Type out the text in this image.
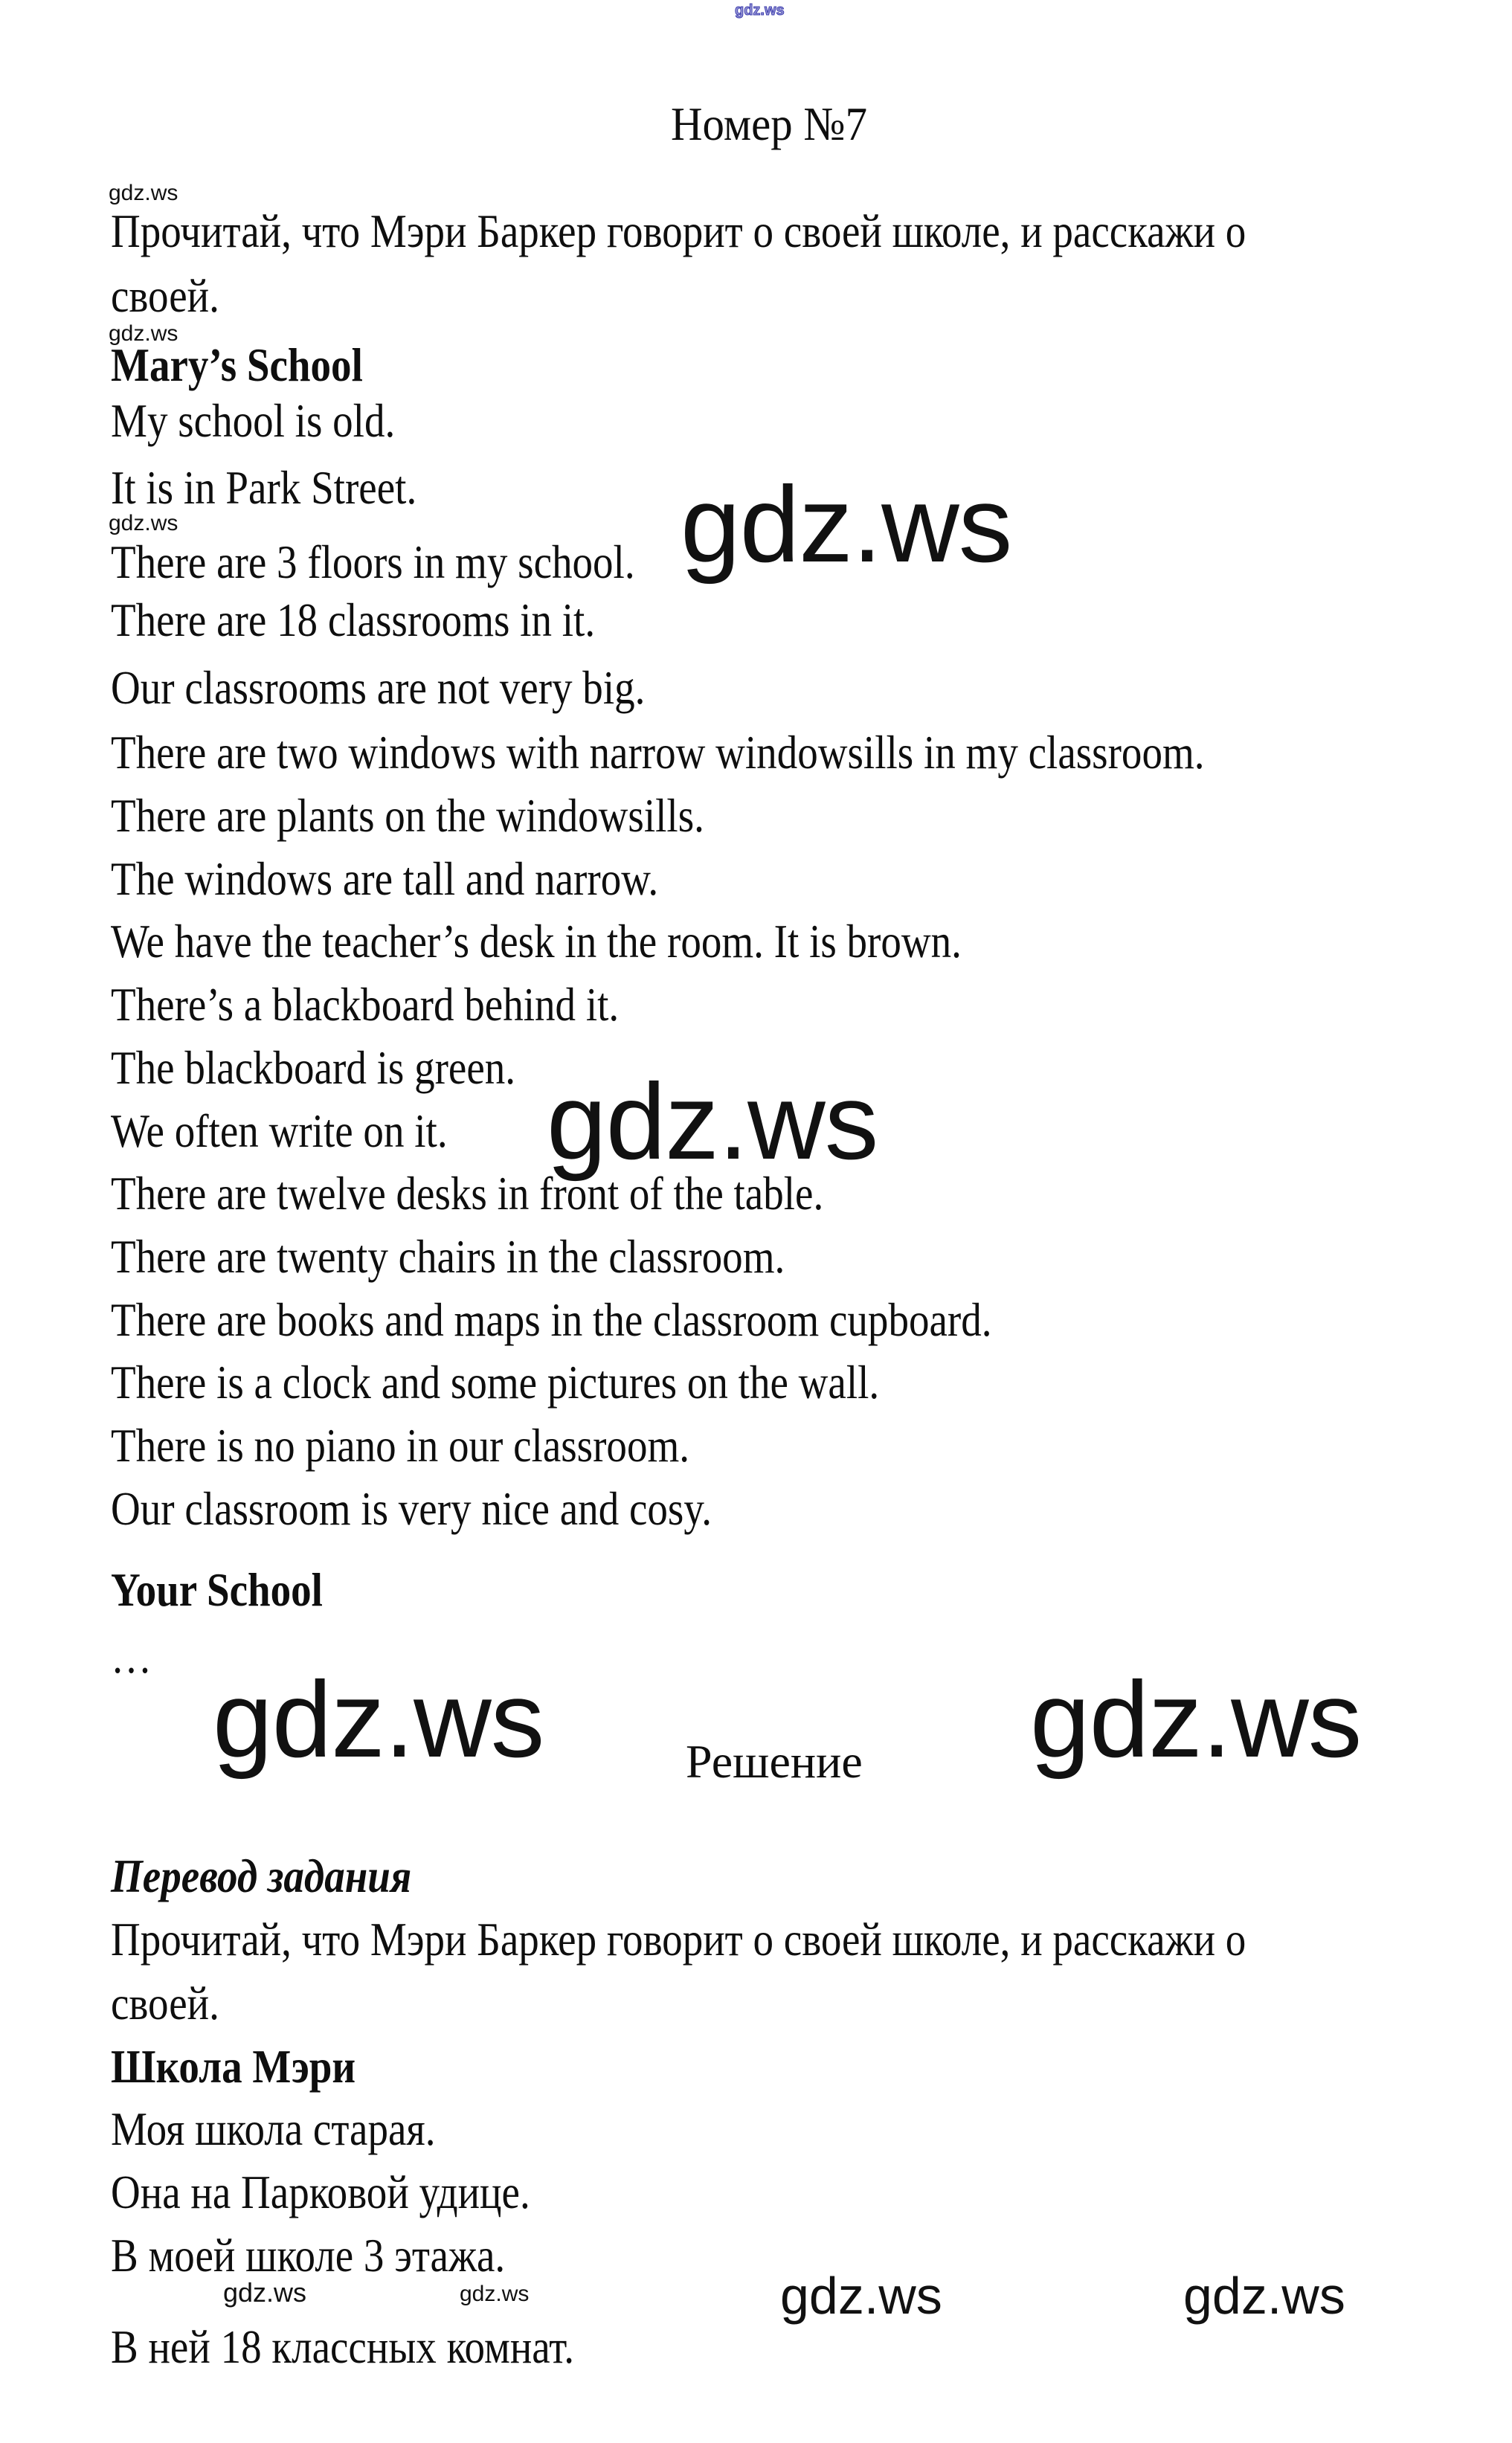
gdz.ws
Номер №7
gdz.ws
Прочитай, что Мэри Баркер говорит о своей школе, и расскажи о
своей.
gdz.ws
Mary’s School
My school is old.
It is in Park Street.
gdz.ws	gdz.ws
There are 3 floors in my school.
There are 18 classrooms in it.
Our classrooms are not very big.
There are two windows with narrow windowsills in my classroom.
There are plants on the windowsills.
The windows are tall and narrow.
We have the teacher’s desk in the room. It is brown.
There’s a blackboard behind it.
The blackboard is green. gdz.ws
We often write on it.
There are twelve desks in front of the table.
There are twenty chairs in the classroom.
There are books and maps in the classroom cupboard.
There is a clock and some pictures on the wall.
There is no piano in our classroom.
Our classroom is very nice and cosy.
Your School
…
gdz.ws	Решение gdz.ws
Перевод задания
Прочитай, что Мэри Баркер говорит о своей школе, и расскажи о
своей.
Школа Мэри
Моя школа старая.
Она на Парковой удице.
В моей школе 3 этажа.
gdz.ws	gdz.ws	gdz.ws	gdz.ws
В ней 18 классных комнат.
